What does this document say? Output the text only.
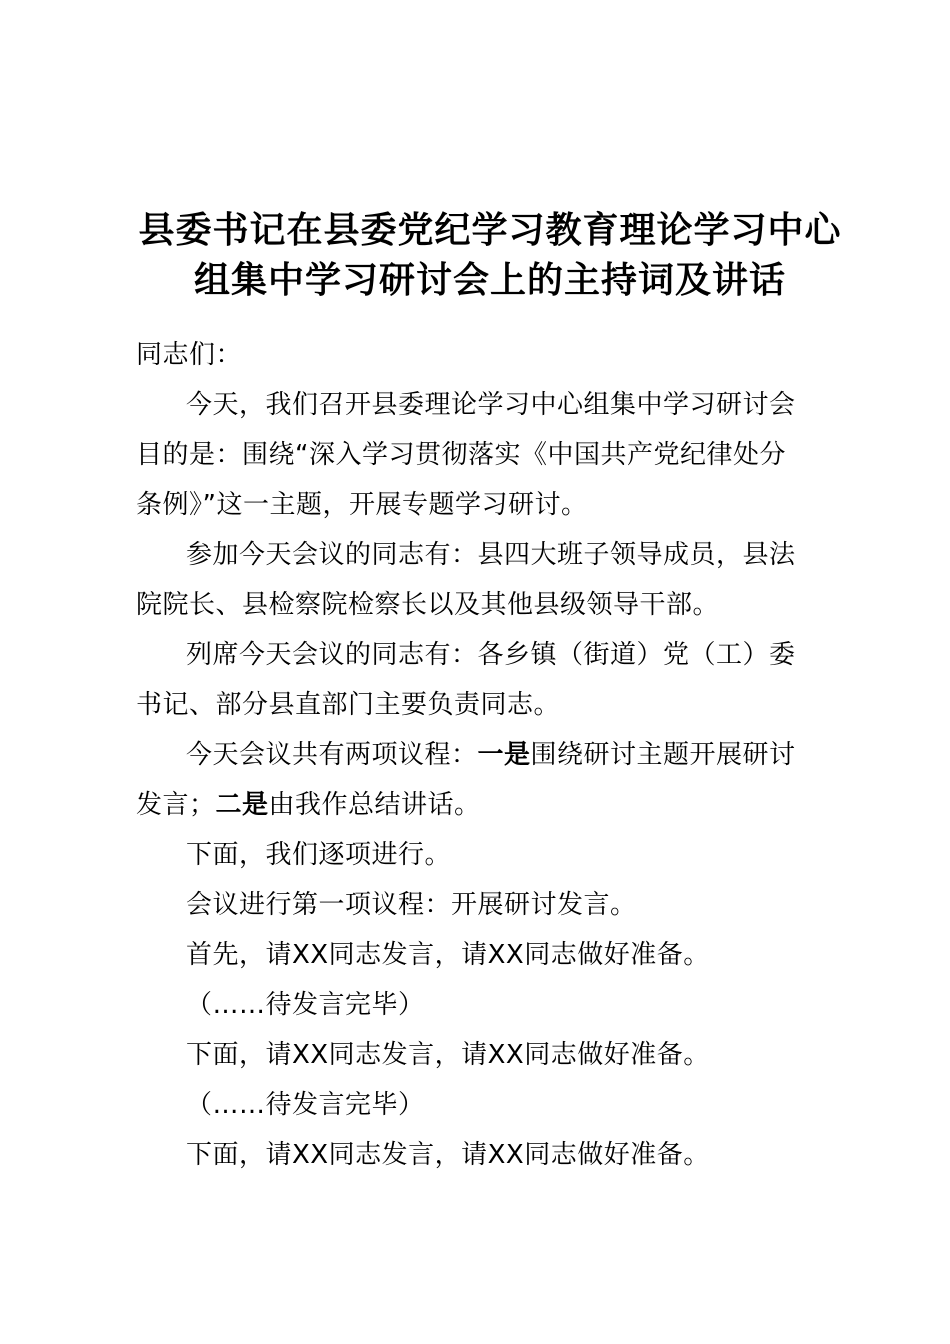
县委书记在县委党纪学习教育理论学习中心
组集中学习研讨会上的主持词及讲话
同志们：
今天，我们召开县委理论学习中心组集中学习研讨会
目的是：围绕“深入学习贯彻落实《中国共产党纪律处分
条例》”这一主题，开展专题学习研讨。
参加今天会议的同志有：县四大班子领导成员，县法
院院长、县检察院检察长以及其他县级领导干部。
列席今天会议的同志有：各乡镇（街道）党（工）委
书记、部分县直部门主要负责同志。
今天会议共有两项议程：一是围绕研讨主题开展研讨
发言；二是由我作总结讲话。
下面，我们逐项进行。
会议进行第一项议程：开展研讨发言。
首先，请XX同志发言，请XX同志做好准备。
（……待发言完毕）
下面，请XX同志发言，请XX同志做好准备。
（……待发言完毕）
下面，请XX同志发言，请XX同志做好准备。
